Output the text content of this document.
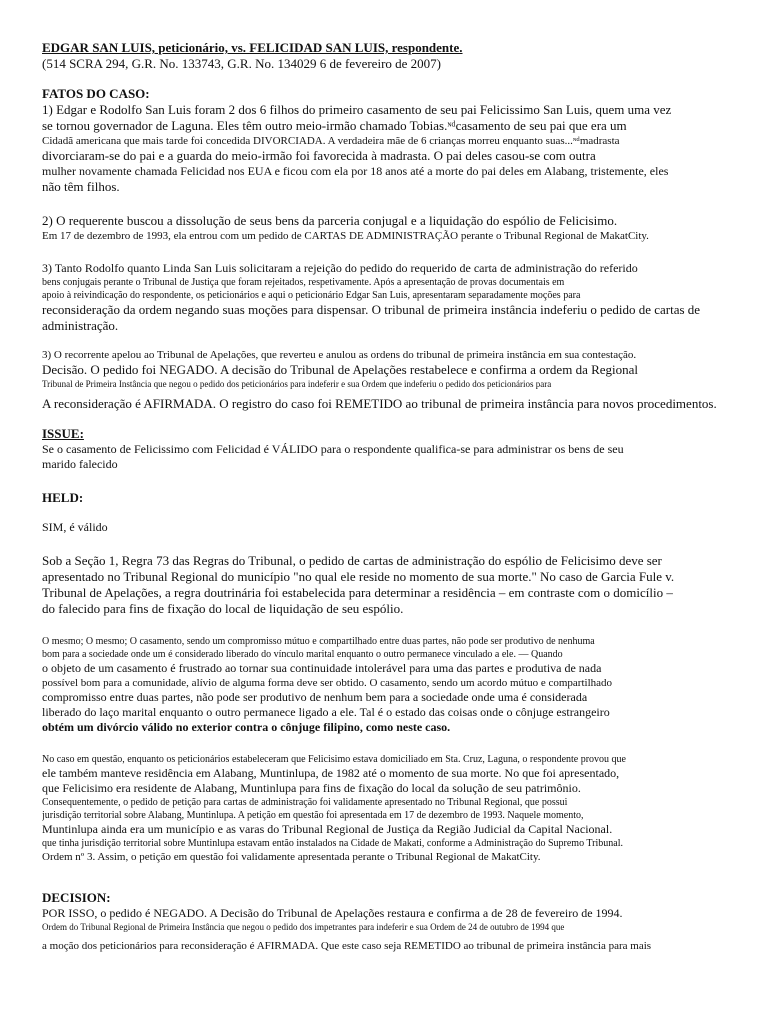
EDGAR SAN LUIS, peticionário, vs. FELICIDAD SAN LUIS, respondente.
(514 SCRA 294, G.R. No. 133743, G.R. No. 134029 6 de fevereiro de 2007)
FATOS DO CASO:
1) Edgar e Rodolfo San Luis foram 2 dos 6 filhos do primeiro casamento de seu pai Felicissimo San Luis, quem uma vez
se tornou governador de Laguna. Eles têm outro meio-irmão chamado Tobias.ᶰᵈcasamento de seu pai que era um
Cidadã americana que mais tarde foi concedida DIVORCIADA. A verdadeira mãe de 6 crianças morreu enquanto suas...ᶰᵈmadrasta
divorciaram-se do pai e a guarda do meio-irmão foi favorecida à madrasta. O pai deles casou-se com outra
mulher novamente chamada Felicidad nos EUA e ficou com ela por 18 anos até a morte do pai deles em Alabang, tristemente, eles
não têm filhos.
2) O requerente buscou a dissolução de seus bens da parceria conjugal e a liquidação do espólio de Felicisimo.
Em 17 de dezembro de 1993, ela entrou com um pedido de CARTAS DE ADMINISTRAÇÃO perante o Tribunal Regional de MakatCity.
3) Tanto Rodolfo quanto Linda San Luis solicitaram a rejeição do pedido do requerido de carta de administração do referido
bens conjugais perante o Tribunal de Justiça que foram rejeitados, respetivamente. Após a apresentação de provas documentais em
apoio à reivindicação do respondente, os peticionários e aqui o peticionário Edgar San Luis, apresentaram separadamente moções para
reconsideração da ordem negando suas moções para dispensar. O tribunal de primeira instância indeferiu o pedido de cartas de
administração.
3) O recorrente apelou ao Tribunal de Apelações, que reverteu e anulou as ordens do tribunal de primeira instância em sua contestação.
Decisão. O pedido foi NEGADO. A decisão do Tribunal de Apelações restabelece e confirma a ordem da Regional
Tribunal de Primeira Instância que negou o pedido dos peticionários para indeferir e sua Ordem que indeferiu o pedido dos peticionários para
A reconsideração é AFIRMADA. O registro do caso foi REMETIDO ao tribunal de primeira instância para novos procedimentos.
ISSUE:
Se o casamento de Felicissimo com Felicidad é VÁLIDO para o respondente qualifica-se para administrar os bens de seu
marido falecido
HELD:
SIM, é válido
Sob a Seção 1, Regra 73 das Regras do Tribunal, o pedido de cartas de administração do espólio de Felicisimo deve ser
apresentado no Tribunal Regional do município "no qual ele reside no momento de sua morte." No caso de Garcia Fule v.
Tribunal de Apelações, a regra doutrinária foi estabelecida para determinar a residência – em contraste com o domicílio –
do falecido para fins de fixação do local de liquidação de seu espólio.
O mesmo; O mesmo; O casamento, sendo um compromisso mútuo e compartilhado entre duas partes, não pode ser produtivo de nenhuma
bom para a sociedade onde um é considerado liberado do vínculo marital enquanto o outro permanece vinculado a ele. — Quando
o objeto de um casamento é frustrado ao tornar sua continuidade intolerável para uma das partes e produtiva de nada
possível bom para a comunidade, alívio de alguma forma deve ser obtido. O casamento, sendo um acordo mútuo e compartilhado
compromisso entre duas partes, não pode ser produtivo de nenhum bem para a sociedade onde uma é considerada
liberado do laço marital enquanto o outro permanece ligado a ele. Tal é o estado das coisas onde o cônjuge estrangeiro
obtém um divórcio válido no exterior contra o cônjuge filipino, como neste caso.
No caso em questão, enquanto os peticionários estabeleceram que Felicisimo estava domiciliado em Sta. Cruz, Laguna, o respondente provou que
ele também manteve residência em Alabang, Muntinlupa, de 1982 até o momento de sua morte. No que foi apresentado,
que Felicisimo era residente de Alabang, Muntinlupa para fins de fixação do local da solução de seu patrimônio.
Consequentemente, o pedido de petição para cartas de administração foi validamente apresentado no Tribunal Regional, que possui
jurisdição territorial sobre Alabang, Muntinlupa. A petição em questão foi apresentada em 17 de dezembro de 1993. Naquele momento,
Muntinlupa ainda era um município e as varas do Tribunal Regional de Justiça da Região Judicial da Capital Nacional.
que tinha jurisdição territorial sobre Muntinlupa estavam então instalados na Cidade de Makati, conforme a Administração do Supremo Tribunal.
Ordem nº 3. Assim, o petição em questão foi validamente apresentada perante o Tribunal Regional de MakatCity.
DECISION:
POR ISSO, o pedido é NEGADO. A Decisão do Tribunal de Apelações restaura e confirma a de 28 de fevereiro de 1994.
Ordem do Tribunal Regional de Primeira Instância que negou o pedido dos impetrantes para indeferir e sua Ordem de 24 de outubro de 1994 que
a moção dos peticionários para reconsideração é AFIRMADA. Que este caso seja REMETIDO ao tribunal de primeira instância para mais
